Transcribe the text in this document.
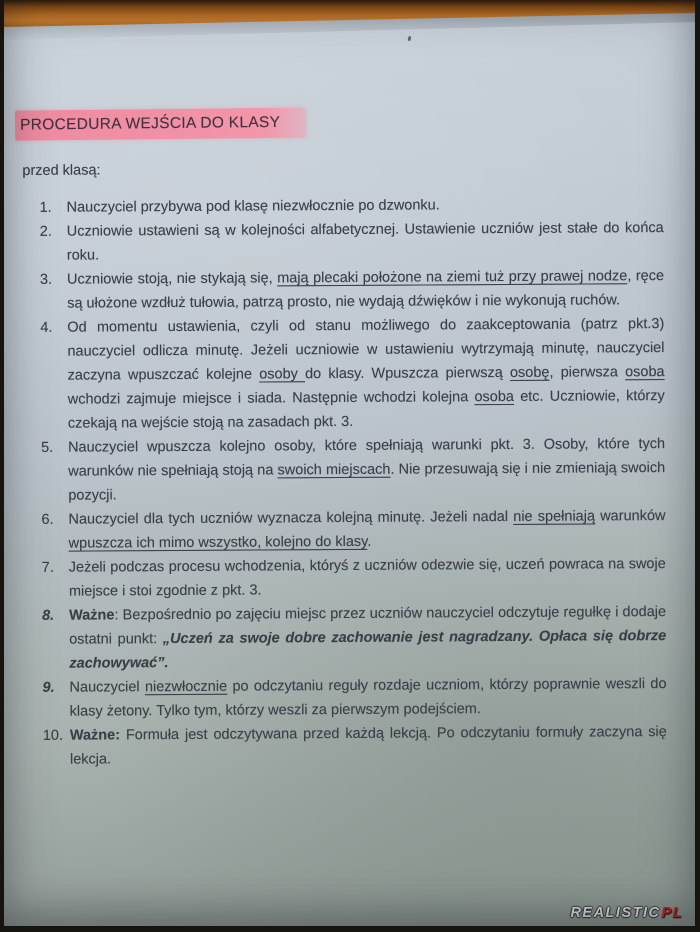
PROCEDURA WEJŚCIA DO KLASY
przed klasą:
1.	Nauczyciel przybywa pod klasę niezwłocznie po dzwonku.
2.	Uczniowie ustawieni są w kolejności alfabetycznej. Ustawienie uczniów jest stałe do końca roku.
3.	Uczniowie stoją, nie stykają się, mają plecaki położone na ziemi tuż przy prawej nodze, ręce są ułożone wzdłuż tułowia, patrzą prosto, nie wydają dźwięków i nie wykonują ruchów.
4.	Od momentu ustawienia, czyli od stanu możliwego do zaakceptowania (patrz pkt.3) nauczyciel odlicza minutę. Jeżeli uczniowie w ustawieniu wytrzymają minutę, nauczyciel zaczyna wpuszczać kolejne osoby do klasy. Wpuszcza pierwszą osobę, pierwsza osoba wchodzi zajmuje miejsce i siada. Następnie wchodzi kolejna osoba etc. Uczniowie, którzy czekają na wejście stoją na zasadach pkt. 3.
5.	Nauczyciel wpuszcza kolejno osoby, które spełniają warunki pkt. 3. Osoby, które tych warunków nie spełniają stoją na swoich miejscach. Nie przesuwają się i nie zmieniają swoich pozycji.
6.	Nauczyciel dla tych uczniów wyznacza kolejną minutę. Jeżeli nadal nie spełniają warunków wpuszcza ich mimo wszystko, kolejno do klasy.
7.	Jeżeli podczas procesu wchodzenia, któryś z uczniów odezwie się, uczeń powraca na swoje miejsce i stoi zgodnie z pkt. 3.
8.	Ważne: Bezpośrednio po zajęciu miejsc przez uczniów nauczyciel odczytuje regułkę i dodaje ostatni punkt: „Uczeń za swoje dobre zachowanie jest nagradzany. Opłaca się dobrze zachowywać”.
9.	Nauczyciel niezwłocznie po odczytaniu reguły rozdaje uczniom, którzy poprawnie weszli do klasy żetony. Tylko tym, którzy weszli za pierwszym podejściem.
10. Ważne: Formuła jest odczytywana przed każdą lekcją. Po odczytaniu formuły zaczyna się lekcja.
REALISTICPL
